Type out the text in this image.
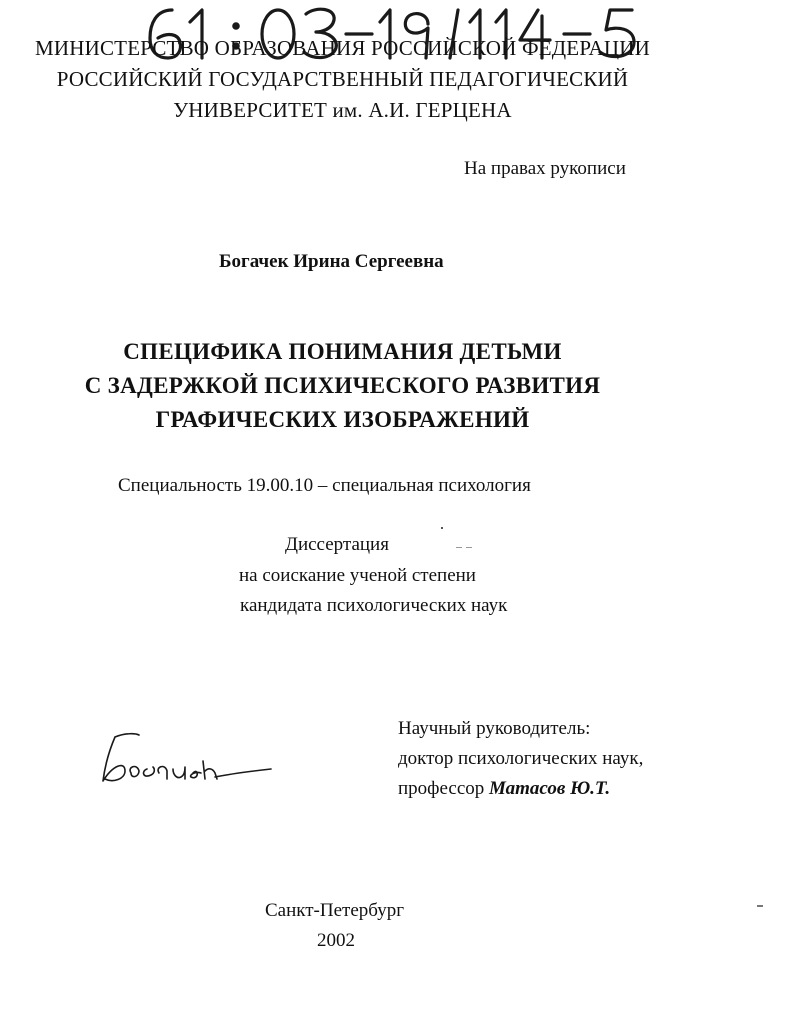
МИНИСТЕРСТВО ОБРАЗОВАНИЯ РОССИЙСКОЙ ФЕДЕРАЦИИ
РОССИЙСКИЙ ГОСУДАРСТВЕННЫЙ ПЕДАГОГИЧЕСКИЙ
УНИВЕРСИТЕТ им. А.И. ГЕРЦЕНА
На правах рукописи
Богачек Ирина Сергеевна
СПЕЦИФИКА ПОНИМАНИЯ ДЕТЬМИ
С ЗАДЕРЖКОЙ ПСИХИЧЕСКОГО РАЗВИТИЯ
ГРАФИЧЕСКИХ ИЗОБРАЖЕНИЙ
Специальность 19.00.10 – специальная психология
Диссертация
на соискание ученой степени
кандидата психологических наук
Научный руководитель:
доктор психологических наук,
профессор Матасов Ю.Т.
Санкт-Петербург
2002
